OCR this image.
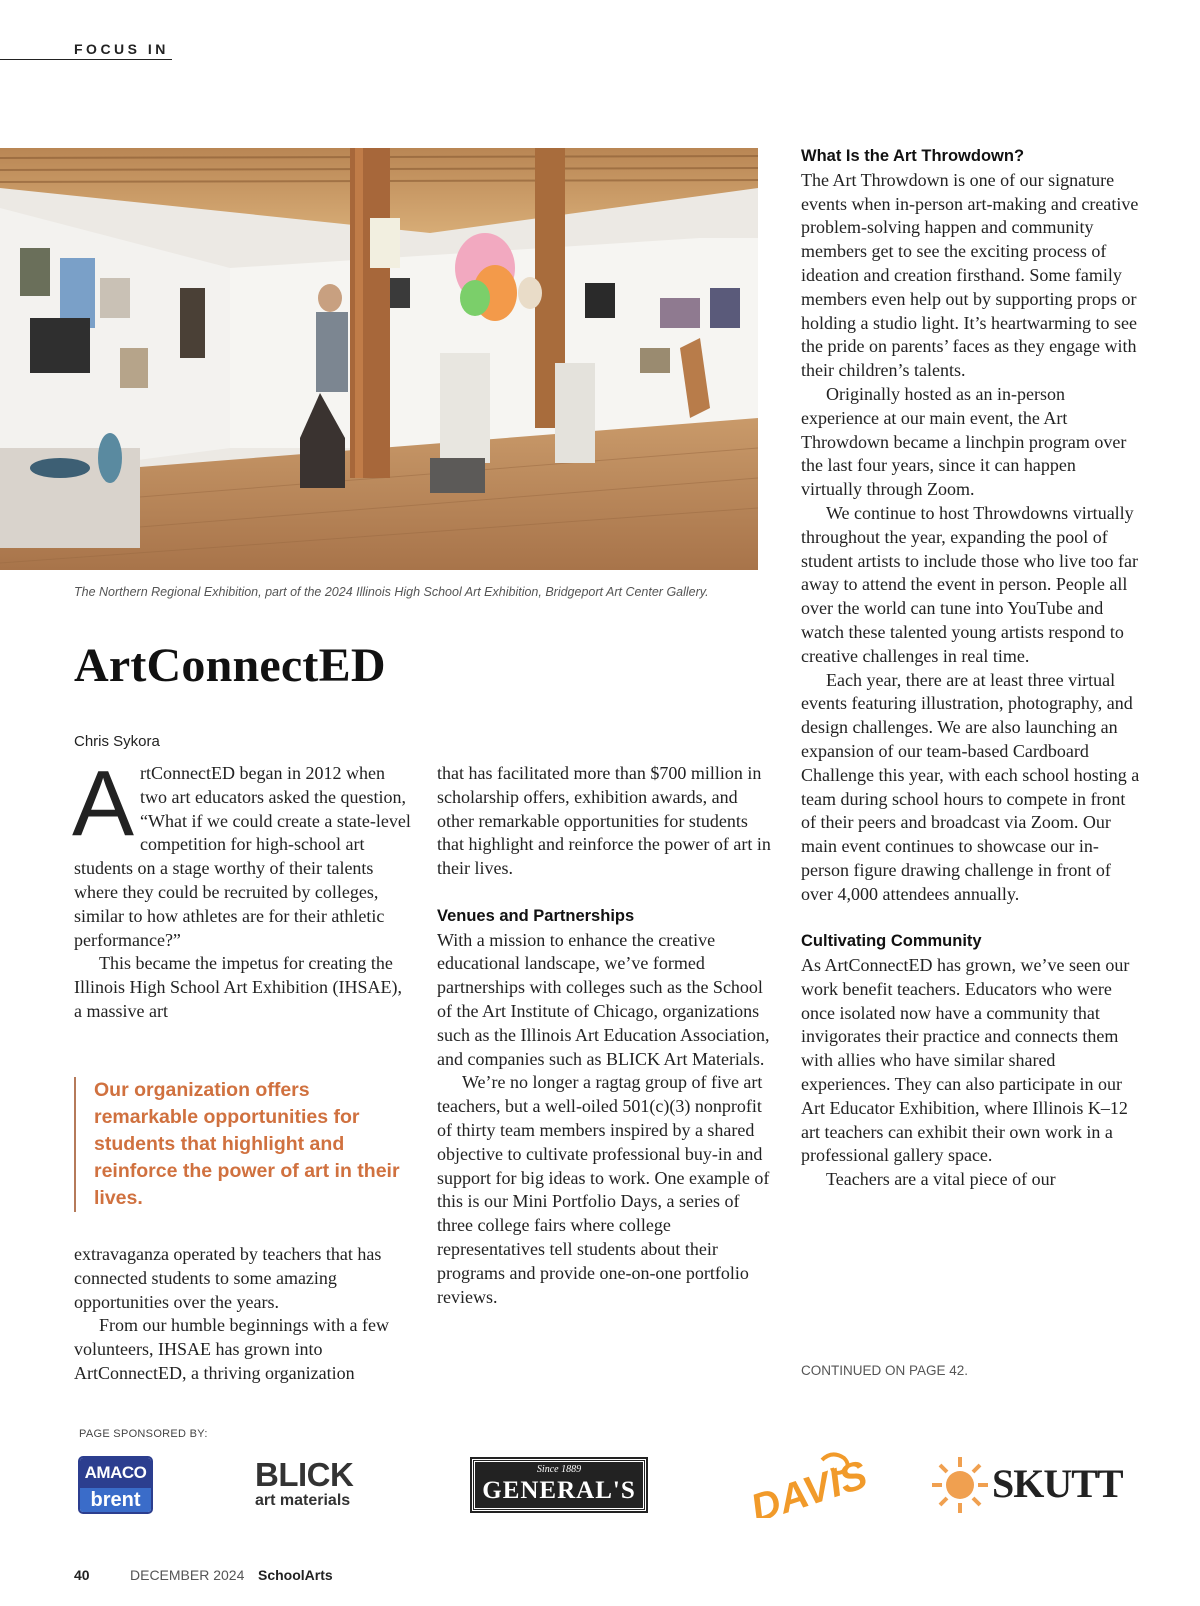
FOCUS IN
The Northern Regional Exhibition, part of the 2024 Illinois High School Art Exhibition, Bridgeport Art Center Gallery.
ArtConnectED
Chris Sykora

ArtConnectED began in 2012 when two art educators asked the question, “What if we could create a state-level competition for high-school art students on a stage worthy of their talents where they could be recruited by colleges, similar to how athletes are for their athletic performance?”

This became the impetus for creating the Illinois High School Art Exhibition (IHSAE), a massive art

Our organization offers remarkable opportunities for students that highlight and reinforce the power of art in their lives.

extravaganza operated by teachers that has connected students to some amazing opportunities over the years.

From our humble beginnings with a few volunteers, IHSAE has grown into ArtConnectED, a thriving organization

that has facilitated more than $700 million in scholarship offers, exhibition awards, and other remarkable opportunities for students that highlight and reinforce the power of art in their lives.

Venues and Partnerships

With a mission to enhance the creative educational landscape, we’ve formed partnerships with colleges such as the School of the Art Institute of Chicago, organizations such as the Illinois Art Education Association, and companies such as BLICK Art Materials.

We’re no longer a ragtag group of five art teachers, but a well-oiled 501(c)(3) nonprofit of thirty team members inspired by a shared objective to cultivate professional buy-in and support for big ideas to work. One example of this is our Mini Portfolio Days, a series of three college fairs where college representatives tell students about their programs and provide one-on-one portfolio reviews.

What Is the Art Throwdown?

The Art Throwdown is one of our signature events when in-person art-making and creative problem-solving happen and community members get to see the exciting process of ideation and creation firsthand. Some family members even help out by supporting props or holding a studio light. It’s heartwarming to see the pride on parents’ faces as they engage with their children’s talents.

Originally hosted as an in-person experience at our main event, the Art Throwdown became a linchpin program over the last four years, since it can happen virtually through Zoom.

We continue to host Throwdowns virtually throughout the year, expanding the pool of student artists to include those who live too far away to attend the event in person. People all over the world can tune into YouTube and watch these talented young artists respond to creative challenges in real time.

Each year, there are at least three virtual events featuring illustration, photography, and design challenges. We are also launching an expansion of our team-based Cardboard Challenge this year, with each school hosting a team during school hours to compete in front of their peers and broadcast via Zoom. Our main event continues to showcase our in-person figure drawing challenge in front of over 4,000 attendees annually.

Cultivating Community

As ArtConnectED has grown, we’ve seen our work benefit teachers. Educators who were once isolated now have a community that invigorates their practice and connects them with allies who have similar shared experiences. They can also participate in our Art Educator Exhibition, where Illinois K–12 art teachers can exhibit their own work in a professional gallery space.

Teachers are a vital piece of our

CONTINUED ON PAGE 42.
PAGE SPONSORED BY:
AMACO
brent
BLICK
art materials
Since 1889
GENERAL'S	DAVIS	SKUTT
40	DECEMBER 2024 SchoolArts
